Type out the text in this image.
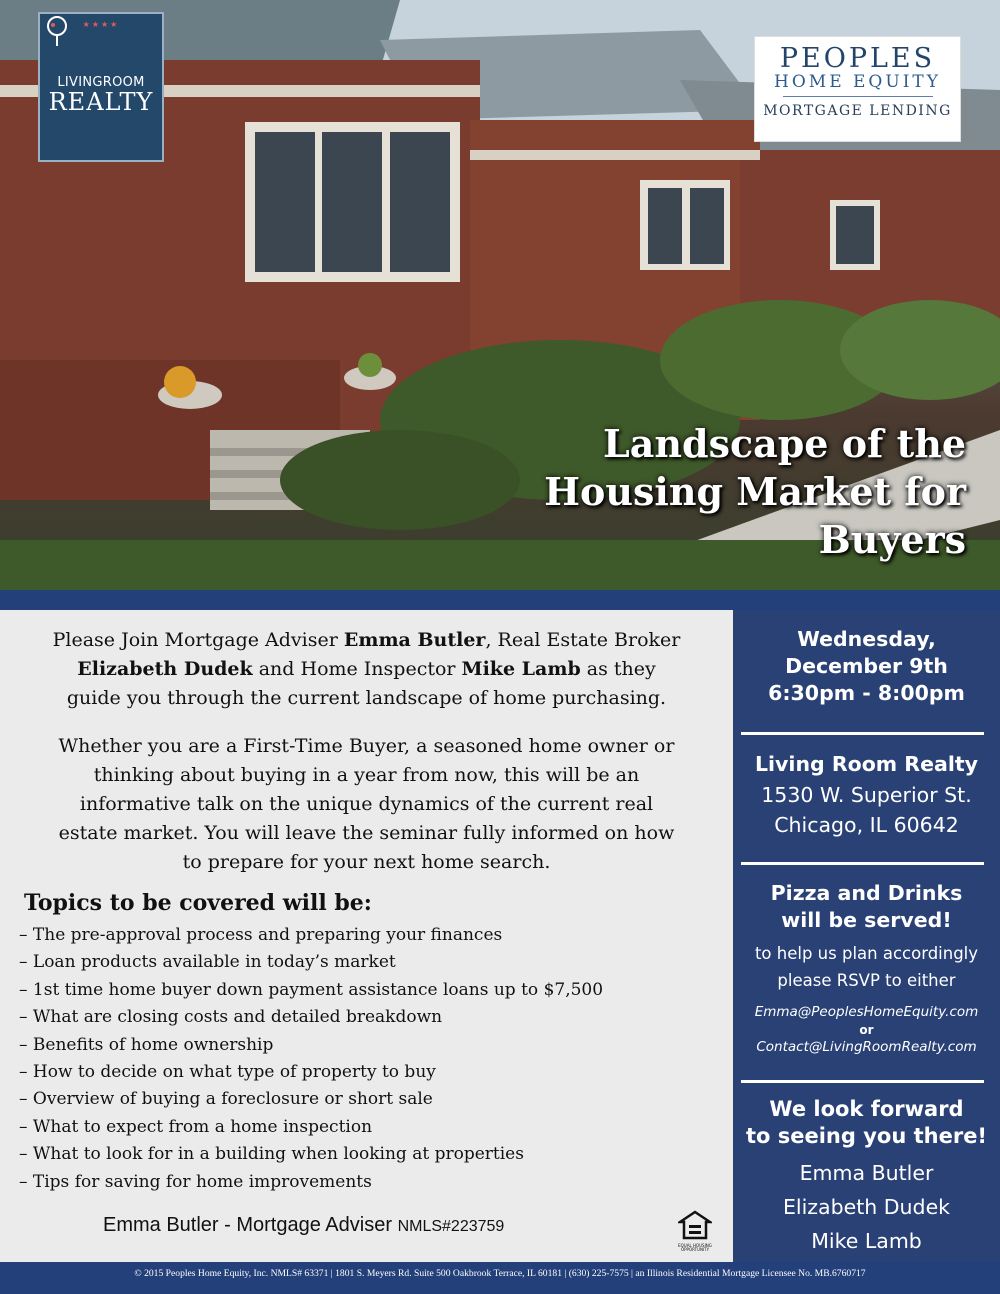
★★★★
LIVINGROOM
REALTY
PEOPLES
HOME EQUITY
MORTGAGE LENDING
Landscape of the
Housing Market for
Buyers
Please Join Mortgage Adviser Emma Butler, Real Estate Broker
Elizabeth Dudek and Home Inspector Mike Lamb as they
guide you through the current landscape of home purchasing.
Whether you are a First-Time Buyer, a seasoned home owner or
thinking about buying in a year from now, this will be an
informative talk on the unique dynamics of the current real
estate market. You will leave the seminar fully informed on how
to prepare for your next home search.
Topics to be covered will be:
– The pre-approval process and preparing your finances
– Loan products available in today’s market
– 1st time home buyer down payment assistance loans up to $7,500
– What are closing costs and detailed breakdown
– Benefits of home ownership
– How to decide on what type of property to buy
– Overview of buying a foreclosure or short sale
– What to expect from a home inspection
– What to look for in a building when looking at properties
– Tips for saving for home improvements
Emma Butler - Mortgage Adviser NMLS#223759
EQUAL HOUSING OPPORTUNITY
Wednesday,
December 9th
6:30pm - 8:00pm
Living Room Realty
1530 W. Superior St.
Chicago, IL 60642
Pizza and Drinks
will be served!
to help us plan accordingly
please RSVP to either
Emma@PeoplesHomeEquity.com
or
Contact@LivingRoomRealty.com
We look forward
to seeing you there!
Emma Butler
Elizabeth Dudek
Mike Lamb
© 2015 Peoples Home Equity, Inc. NMLS# 63371 | 1801 S. Meyers Rd. Suite 500 Oakbrook Terrace, IL 60181 | (630) 225-7575 | an Illinois Residential Mortgage Licensee No. MB.6760717
